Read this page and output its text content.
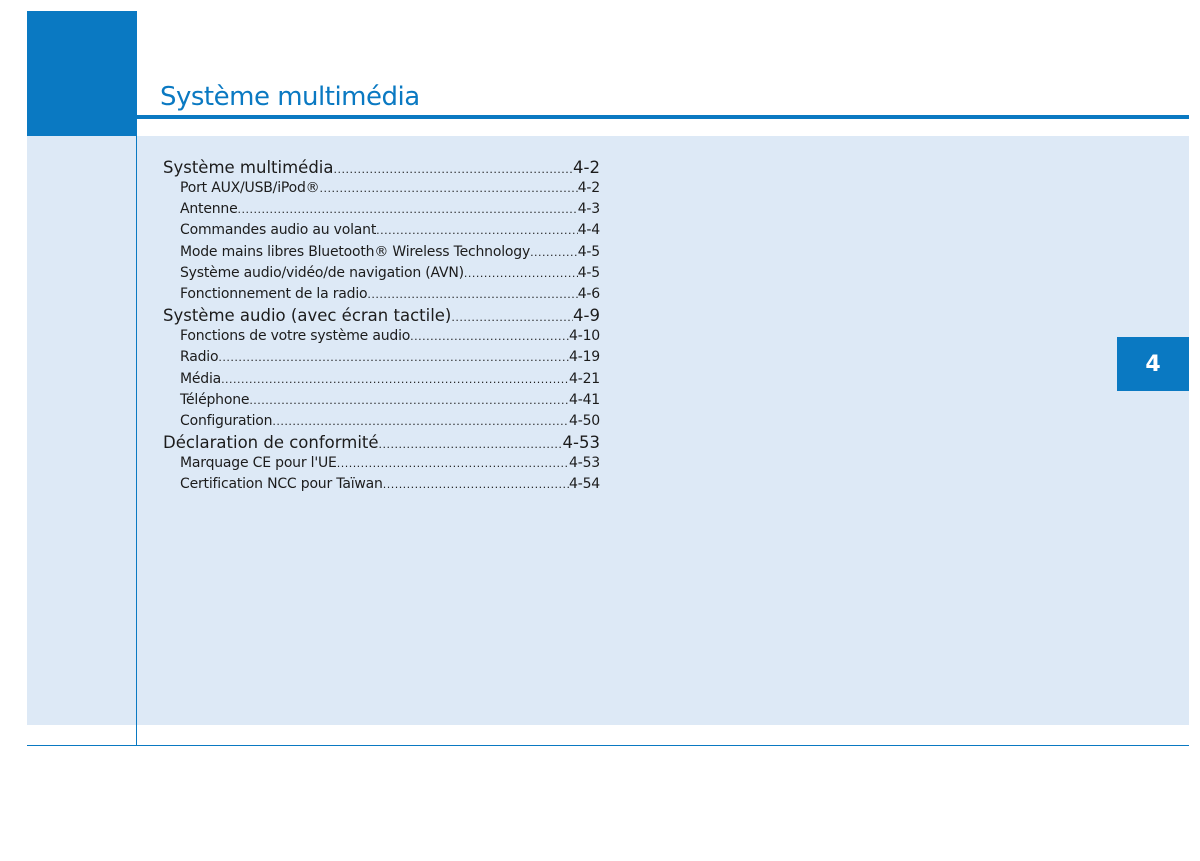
Système multimédia
4
Système multimédia .....	4-2
Port AUX/USB/iPod® .....	4-2
Antenne .....	4-3
Commandes audio au volant .....	4-4
Mode mains libres Bluetooth® Wireless Technology .....	4-5
Système audio/vidéo/de navigation (AVN) .....	4-5
Fonctionnement de la radio .....	4-6
Système audio (avec écran tactile) .....	4-9
Fonctions de votre système audio .....	4-10
Radio .....	4-19
Média .....	4-21
Téléphone .....	4-41
Configuration .....	4-50
Déclaration de conformité .....	4-53
Marquage CE pour l'UE .....	4-53
Certification NCC pour Taïwan .....	4-54
